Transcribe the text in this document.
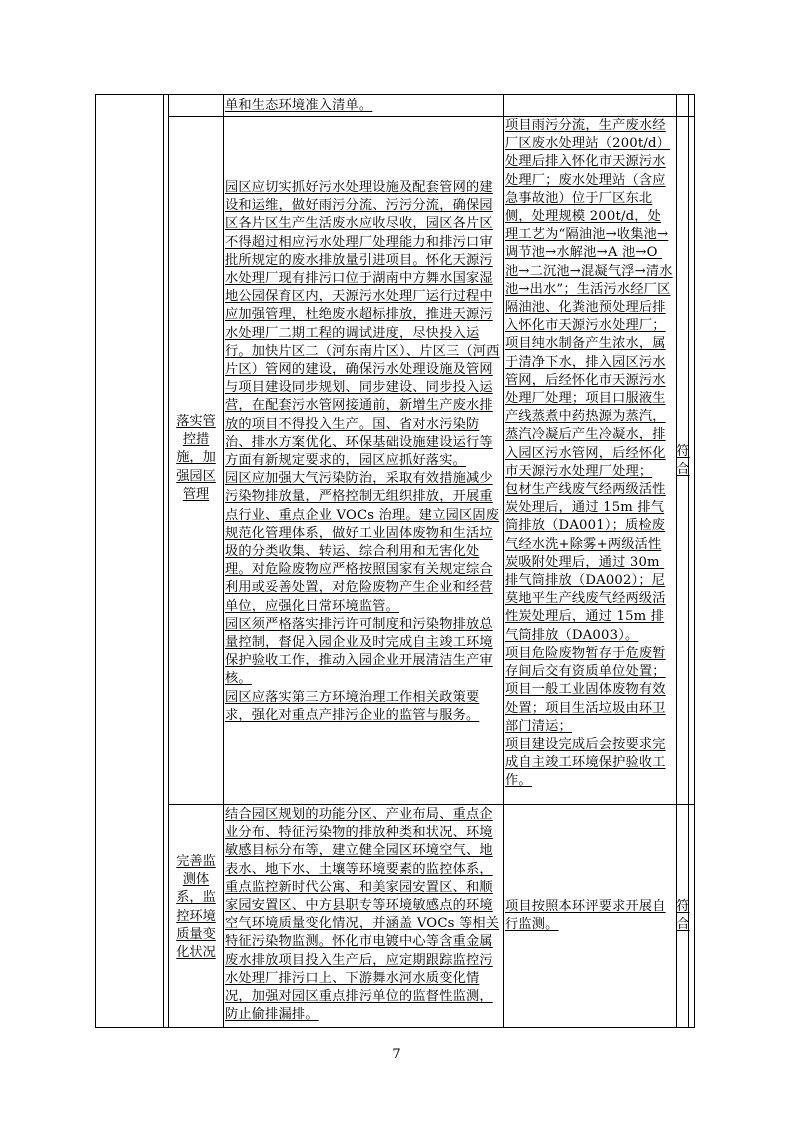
单和生态环境准入清单。

落实管控措施，加强园区管理

园区应切实抓好污水处理设施及配套管网的建设和运维，做好雨污分流、污污分流，确保园区各片区生产生活废水应收尽收，园区各片区不得超过相应污水处理厂处理能力和排污口审批所规定的废水排放量引进项目。怀化天源污水处理厂现有排污口位于湖南中方舞水国家湿地公园保育区内，天源污水处理厂运行过程中应加强管理，杜绝废水超标排放，推进天源污水处理厂二期工程的调试进度，尽快投入运行。加快片区二（河东南片区）、片区三（河西片区）管网的建设，确保污水处理设施及管网与项目建设同步规划、同步建设、同步投入运营，在配套污水管网接通前，新增生产废水排放的项目不得投入生产。国、省对水污染防治、排水方案优化、环保基础设施建设运行等方面有新规定要求的，园区应抓好落实。

园区应加强大气污染防治，采取有效措施减少污染物排放量，严格控制无组织排放，开展重点行业、重点企业 VOCs 治理。建立园区固废规范化管理体系，做好工业固体废物和生活垃圾的分类收集、转运、综合利用和无害化处理。对危险废物应严格按照国家有关规定综合利用或妥善处置，对危险废物产生企业和经营单位，应强化日常环境监管。

园区须严格落实排污许可制度和污染物排放总量控制，督促入园企业及时完成自主竣工环境保护验收工作，推动入园企业开展清洁生产审核。

园区应落实第三方环境治理工作相关政策要求，强化对重点产排污企业的监管与服务。

项目雨污分流，生产废水经厂区废水处理站（200t/d）处理后排入怀化市天源污水处理厂；废水处理站（含应急事故池）位于厂区东北侧，处理规模 200t/d，处理工艺为“隔油池→收集池→调节池→水解池→A 池→O 池→二沉池→混凝气浮→清水池→出水”；生活污水经厂区隔油池、化粪池预处理后排入怀化市天源污水处理厂；项目纯水制备产生浓水，属于清净下水，排入园区污水管网，后经怀化市天源污水处理厂处理；项目口服液生产线蒸煮中药热源为蒸汽，蒸汽冷凝后产生冷凝水，排入园区污水管网，后经怀化市天源污水处理厂处理；

包材生产线废气经两级活性炭处理后，通过 15m 排气筒排放（DA001）；质检废气经水洗+除雾+两级活性炭吸附处理后，通过 30m 排气筒排放（DA002）；尼莫地平生产线废气经两级活性炭处理后，通过 15m 排气筒排放（DA003）。

项目危险废物暂存于危废暂存间后交有资质单位处置；项目一般工业固体废物有效处置；项目生活垃圾由环卫部门清运；

项目建设完成后会按要求完成自主竣工环境保护验收工作。

符合
完善监测体系，监控环境质量变化状况

结合园区规划的功能分区、产业布局、重点企业分布、特征污染物的排放种类和状况、环境敏感目标分布等，建立健全园区环境空气、地表水、地下水、土壤等环境要素的监控体系，重点监控新时代公寓、和美家园安置区、和顺家园安置区、中方县职专等环境敏感点的环境空气环境质量变化情况，并涵盖 VOCs 等相关特征污染物监测。怀化市电镀中心等含重金属废水排放项目投入生产后，应定期跟踪监控污水处理厂排污口上、下游舞水河水质变化情况，加强对园区重点排污单位的监督性监测，防止偷排漏排。

项目按照本环评要求开展自行监测。

符合
7
